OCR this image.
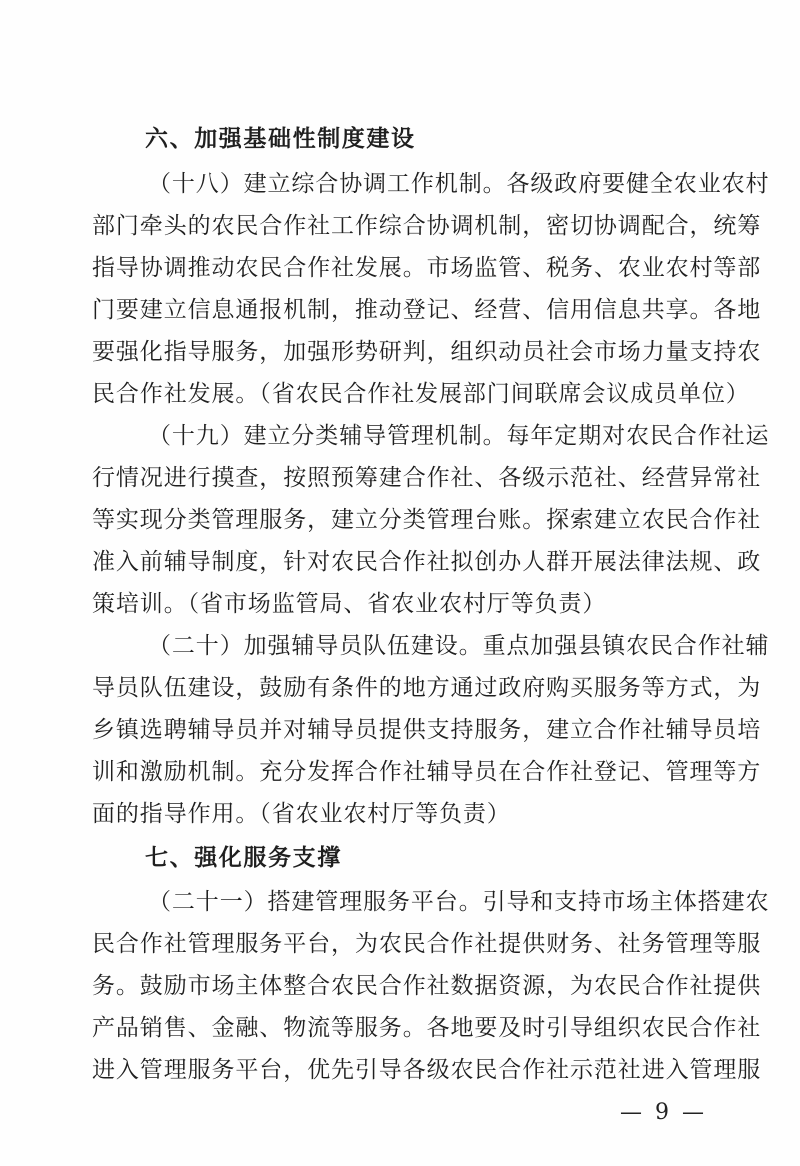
六、加强基础性制度建设
（十八）建立综合协调工作机制。各级政府要健全农业农村
部门牵头的农民合作社工作综合协调机制，密切协调配合，统筹
指导协调推动农民合作社发展。市场监管、税务、农业农村等部
门要建立信息通报机制，推动登记、经营、信用信息共享。各地
要强化指导服务，加强形势研判，组织动员社会市场力量支持农
民合作社发展。（省农民合作社发展部门间联席会议成员单位）
（十九）建立分类辅导管理机制。每年定期对农民合作社运
行情况进行摸查，按照预筹建合作社、各级示范社、经营异常社
等实现分类管理服务，建立分类管理台账。探索建立农民合作社
准入前辅导制度，针对农民合作社拟创办人群开展法律法规、政
策培训。（省市场监管局、省农业农村厅等负责）
（二十）加强辅导员队伍建设。重点加强县镇农民合作社辅
导员队伍建设，鼓励有条件的地方通过政府购买服务等方式，为
乡镇选聘辅导员并对辅导员提供支持服务，建立合作社辅导员培
训和激励机制。充分发挥合作社辅导员在合作社登记、管理等方
面的指导作用。（省农业农村厅等负责）
七、强化服务支撑
（二十一）搭建管理服务平台。引导和支持市场主体搭建农
民合作社管理服务平台，为农民合作社提供财务、社务管理等服
务。鼓励市场主体整合农民合作社数据资源，为农民合作社提供
产品销售、金融、物流等服务。各地要及时引导组织农民合作社
进入管理服务平台，优先引导各级农民合作社示范社进入管理服
— 9 —
